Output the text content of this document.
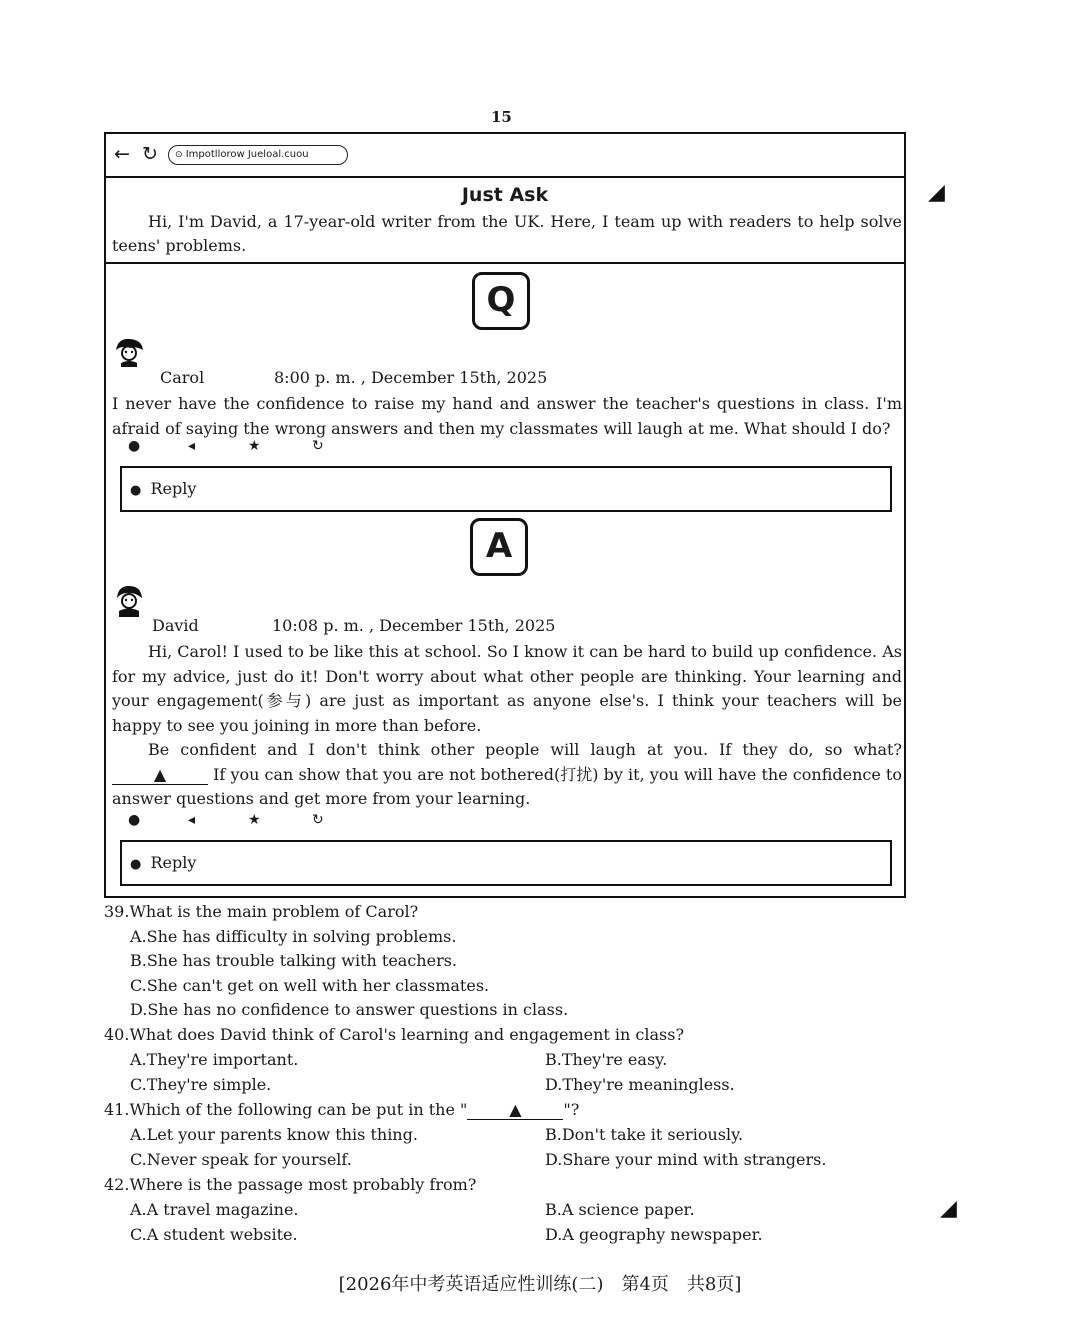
15
← ↻	⊙ Impotllorow Jueloal.cuou
Just Ask
Hi, I'm David, a 17-year-old writer from the UK. Here, I team up with readers to help solve teens' problems.
Q
Carol	8:00 p. m. , December 15th, 2025
I never have the confidence to raise my hand and answer the teacher's questions in class. I'm afraid of saying the wrong answers and then my classmates will laugh at me. What should I do?
●	◂	★	↻
● Reply
A
David	10:08 p. m. , December 15th, 2025

Hi, Carol! I used to be like this at school. So I know it can be hard to build up confidence. As for my advice, just do it! Don't worry about what other people are thinking. Your learning and your engagement(参与) are just as important as anyone else's. I think your teachers will be happy to see you joining in more than before.

Be confident and I don't think other people will laugh at you. If they do, so what? ▲	If you can show that you are not bothered(打扰) by it, you will have the confidence to answer questions and get more from your learning.

●	◂	★	↻
● Reply
39.What is the main problem of Carol?
A.She has difficulty in solving problems.
B.She has trouble talking with teachers.
C.She can't get on well with her classmates.
D.She has no confidence to answer questions in class.
40.What does David think of Carol's learning and engagement in class?
A.They're important.	B.They're easy.
C.They're simple.	D.They're meaningless.
41.Which of the following can be put in the "	▲	"?
A.Let your parents know this thing.	B.Don't take it seriously.
C.Never speak for yourself.	D.Share your mind with strangers.
42.Where is the passage most probably from?
A.A travel magazine.	B.A science paper.
C.A student website.	D.A geography newspaper.
[2026年中考英语适应性训练(二)　第4页　共8页]
◢
◢
